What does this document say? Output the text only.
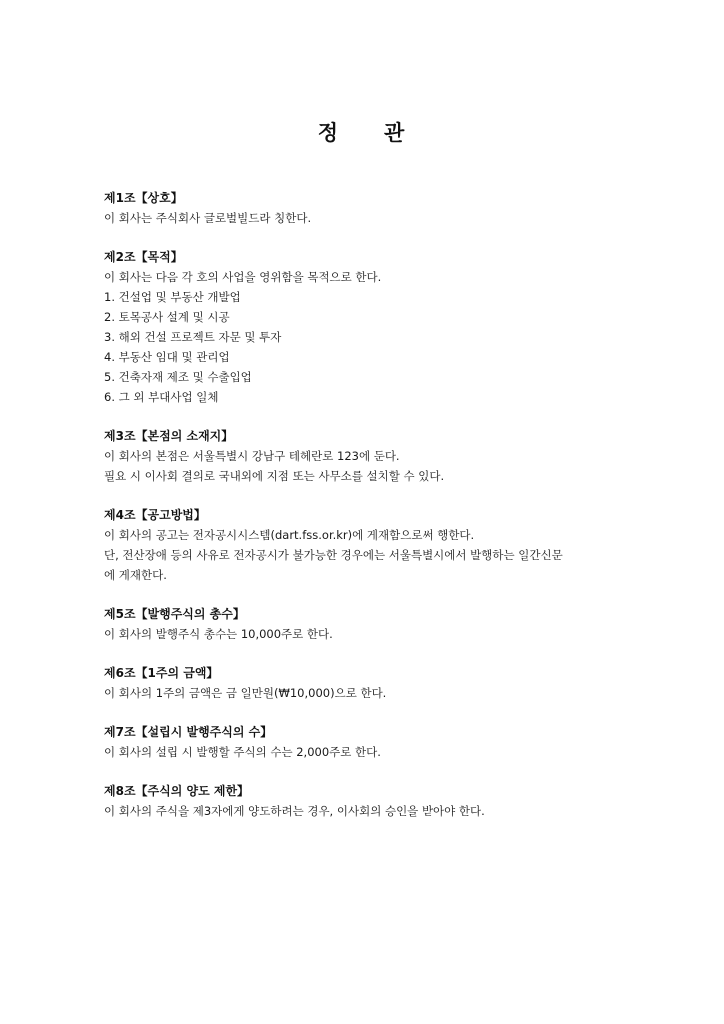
정 관
제1조【상호】
이 회사는 주식회사 글로벌빌드라 칭한다.
제2조【목적】
이 회사는 다음 각 호의 사업을 영위함을 목적으로 한다.
1. 건설업 및 부동산 개발업
2. 토목공사 설계 및 시공
3. 해외 건설 프로젝트 자문 및 투자
4. 부동산 임대 및 관리업
5. 건축자재 제조 및 수출입업
6. 그 외 부대사업 일체
제3조【본점의 소재지】
이 회사의 본점은 서울특별시 강남구 테헤란로 123에 둔다.
필요 시 이사회 결의로 국내외에 지점 또는 사무소를 설치할 수 있다.
제4조【공고방법】
이 회사의 공고는 전자공시시스템(dart.fss.or.kr)에 게재함으로써 행한다.
단, 전산장애 등의 사유로 전자공시가 불가능한 경우에는 서울특별시에서 발행하는 일간신문
에 게재한다.
제5조【발행주식의 총수】
이 회사의 발행주식 총수는 10,000주로 한다.
제6조【1주의 금액】
이 회사의 1주의 금액은 금 일만원(₩10,000)으로 한다.
제7조【설립시 발행주식의 수】
이 회사의 설립 시 발행할 주식의 수는 2,000주로 한다.
제8조【주식의 양도 제한】
이 회사의 주식을 제3자에게 양도하려는 경우, 이사회의 승인을 받아야 한다.
